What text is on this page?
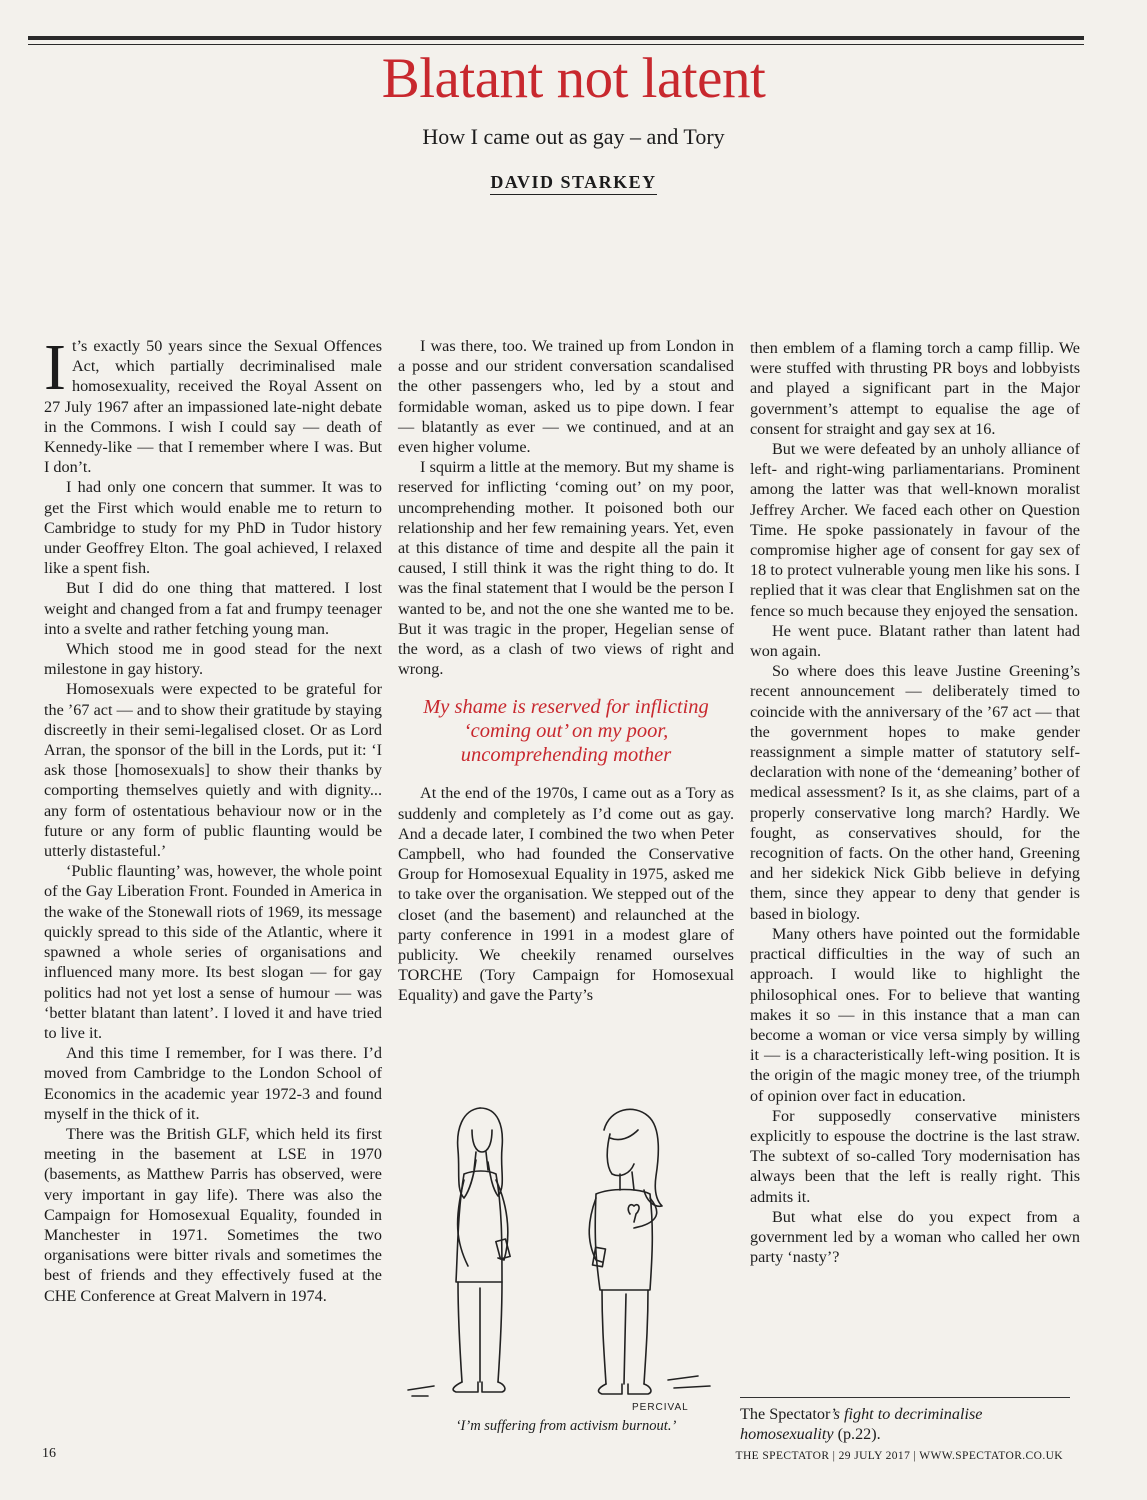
Blatant not latent
How I came out as gay – and Tory
DAVID STARKEY

It’s exactly 50 years since the Sexual Offences Act, which partially decriminalised male homosexuality, received the Royal Assent on 27 July 1967 after an impassioned late-night debate in the Commons. I wish I could say — death of Kennedy-like — that I remember where I was. But I don’t.

I had only one concern that summer. It was to get the First which would enable me to return to Cambridge to study for my PhD in Tudor history under Geoffrey Elton. The goal achieved, I relaxed like a spent fish.

But I did do one thing that mattered. I lost weight and changed from a fat and frumpy teenager into a svelte and rather fetching young man.

Which stood me in good stead for the next milestone in gay history.

Homosexuals were expected to be grateful for the ’67 act — and to show their gratitude by staying discreetly in their semi-legalised closet. Or as Lord Arran, the sponsor of the bill in the Lords, put it: ‘I ask those [homosexuals] to show their thanks by comporting themselves quietly and with dignity... any form of ostentatious behaviour now or in the future or any form of public flaunting would be utterly distasteful.’

‘Public flaunting’ was, however, the whole point of the Gay Liberation Front. Founded in America in the wake of the Stonewall riots of 1969, its message quickly spread to this side of the Atlantic, where it spawned a whole series of organisations and influenced many more. Its best slogan — for gay politics had not yet lost a sense of humour — was ‘better blatant than latent’. I loved it and have tried to live it.

And this time I remember, for I was there. I’d moved from Cambridge to the London School of Economics in the academic year 1972-3 and found myself in the thick of it.

There was the British GLF, which held its first meeting in the basement at LSE in 1970 (basements, as Matthew Parris has observed, were very important in gay life). There was also the Campaign for Homosexual Equality, founded in Manchester in 1971. Sometimes the two organisations were bitter rivals and sometimes the best of friends and they effectively fused at the CHE Conference at Great Malvern in 1974.

I was there, too. We trained up from London in a posse and our strident conversation scandalised the other passengers who, led by a stout and formidable woman, asked us to pipe down. I fear — blatantly as ever — we continued, and at an even higher volume.

I squirm a little at the memory. But my shame is reserved for inflicting ‘coming out’ on my poor, uncomprehending mother. It poisoned both our relationship and her few remaining years. Yet, even at this distance of time and despite all the pain it caused, I still think it was the right thing to do. It was the final statement that I would be the person I wanted to be, and not the one she wanted me to be. But it was tragic in the proper, Hegelian sense of the word, as a clash of two views of right and wrong.

My shame is reserved for inflicting ‘coming out’ on my poor, uncomprehending mother

At the end of the 1970s, I came out as a Tory as suddenly and completely as I’d come out as gay. And a decade later, I combined the two when Peter Campbell, who had founded the Conservative Group for Homosexual Equality in 1975, asked me to take over the organisation. We stepped out of the closet (and the basement) and relaunched at the party conference in 1991 in a modest glare of publicity. We cheekily renamed ourselves TORCHE (Tory Campaign for Homosexual Equality) and gave the Party’s

PERCIVAL
‘I’m suffering from activism burnout.’

then emblem of a flaming torch a camp fillip. We were stuffed with thrusting PR boys and lobbyists and played a significant part in the Major government’s attempt to equalise the age of consent for straight and gay sex at 16.

But we were defeated by an unholy alliance of left- and right-wing parliamentarians. Prominent among the latter was that well-known moralist Jeffrey Archer. We faced each other on Question Time. He spoke passionately in favour of the compromise higher age of consent for gay sex of 18 to protect vulnerable young men like his sons. I replied that it was clear that Englishmen sat on the fence so much because they enjoyed the sensation.

He went puce. Blatant rather than latent had won again.

So where does this leave Justine Greening’s recent announcement — deliberately timed to coincide with the anniversary of the ’67 act — that the government hopes to make gender reassignment a simple matter of statutory self-declaration with none of the ‘demeaning’ bother of medical assessment? Is it, as she claims, part of a properly conservative long march? Hardly. We fought, as conservatives should, for the recognition of facts. On the other hand, Greening and her sidekick Nick Gibb believe in defying them, since they appear to deny that gender is based in biology.

Many others have pointed out the formidable practical difficulties in the way of such an approach. I would like to highlight the philosophical ones. For to believe that wanting makes it so — in this instance that a man can become a woman or vice versa simply by willing it — is a characteristically left-wing position. It is the origin of the magic money tree, of the triumph of opinion over fact in education.

For supposedly conservative ministers explicitly to espouse the doctrine is the last straw. The subtext of so-called Tory modernisation has always been that the left is really right. This admits it.

But what else do you expect from a government led by a woman who called her own party ‘nasty’?

The Spectator’s fight to decriminalise homosexuality (p.22).
16	THE SPECTATOR | 29 JULY 2017 | WWW.SPECTATOR.CO.UK
